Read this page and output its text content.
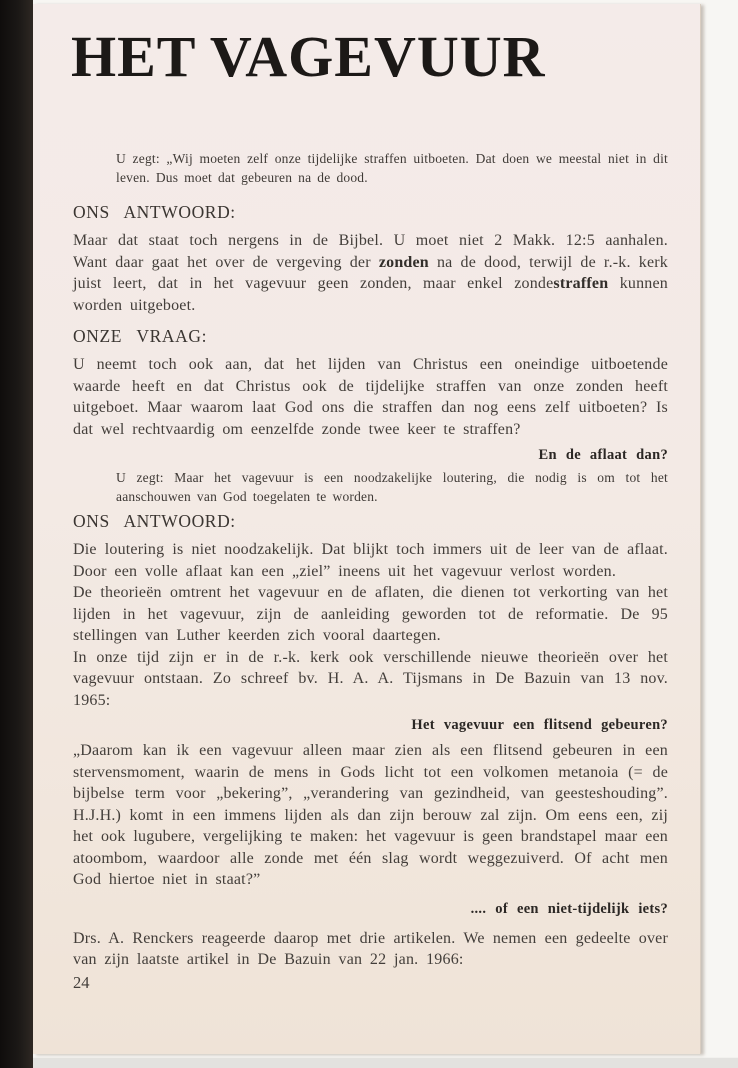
HET VAGEVUUR

U zegt: „Wij moeten zelf onze tijdelijke straffen uitboeten. Dat doen we meestal niet in dit leven. Dus moet dat gebeuren na de dood.

ONS ANTWOORD:

Maar dat staat toch nergens in de Bijbel. U moet niet 2 Makk. 12:5 aanhalen. Want daar gaat het over de vergeving der zonden na de dood, terwijl de r.-k. kerk juist leert, dat in het vagevuur geen zonden, maar enkel zondestraffen kunnen worden uitgeboet.

ONZE VRAAG:

U neemt toch ook aan, dat het lijden van Christus een oneindige uitboetende waarde heeft en dat Christus ook de tijdelijke straffen van onze zonden heeft uitgeboet. Maar waarom laat God ons die straffen dan nog eens zelf uitboeten? Is dat wel rechtvaardig om eenzelfde zonde twee keer te straffen?

En de aflaat dan?

U zegt: Maar het vagevuur is een noodzakelijke loutering, die nodig is om tot het aanschouwen van God toegelaten te worden.

ONS ANTWOORD:

Die loutering is niet noodzakelijk. Dat blijkt toch immers uit de leer van de aflaat. Door een volle aflaat kan een „ziel” ineens uit het vagevuur verlost worden.

De theorieën omtrent het vagevuur en de aflaten, die dienen tot verkorting van het lijden in het vagevuur, zijn de aanleiding geworden tot de reformatie. De 95 stellingen van Luther keerden zich vooral daartegen.

In onze tijd zijn er in de r.-k. kerk ook verschillende nieuwe theorieën over het vagevuur ontstaan. Zo schreef bv. H. A. A. Tijsmans in De Bazuin van 13 nov. 1965:

Het vagevuur een flitsend gebeuren?

„Daarom kan ik een vagevuur alleen maar zien als een flitsend gebeuren in een stervensmoment, waarin de mens in Gods licht tot een volkomen metanoia (= de bijbelse term voor „bekering”, „verandering van gezindheid, van geesteshouding”. H.J.H.) komt in een immens lijden als dan zijn berouw zal zijn. Om eens een, zij het ook lugubere, vergelijking te maken: het vagevuur is geen brandstapel maar een atoombom, waardoor alle zonde met één slag wordt weggezuiverd. Of acht men God hiertoe niet in staat?”

.... of een niet-tijdelijk iets?

Drs. A. Renckers reageerde daarop met drie artikelen. We nemen een gedeelte over van zijn laatste artikel in De Bazuin van 22 jan. 1966:

24
